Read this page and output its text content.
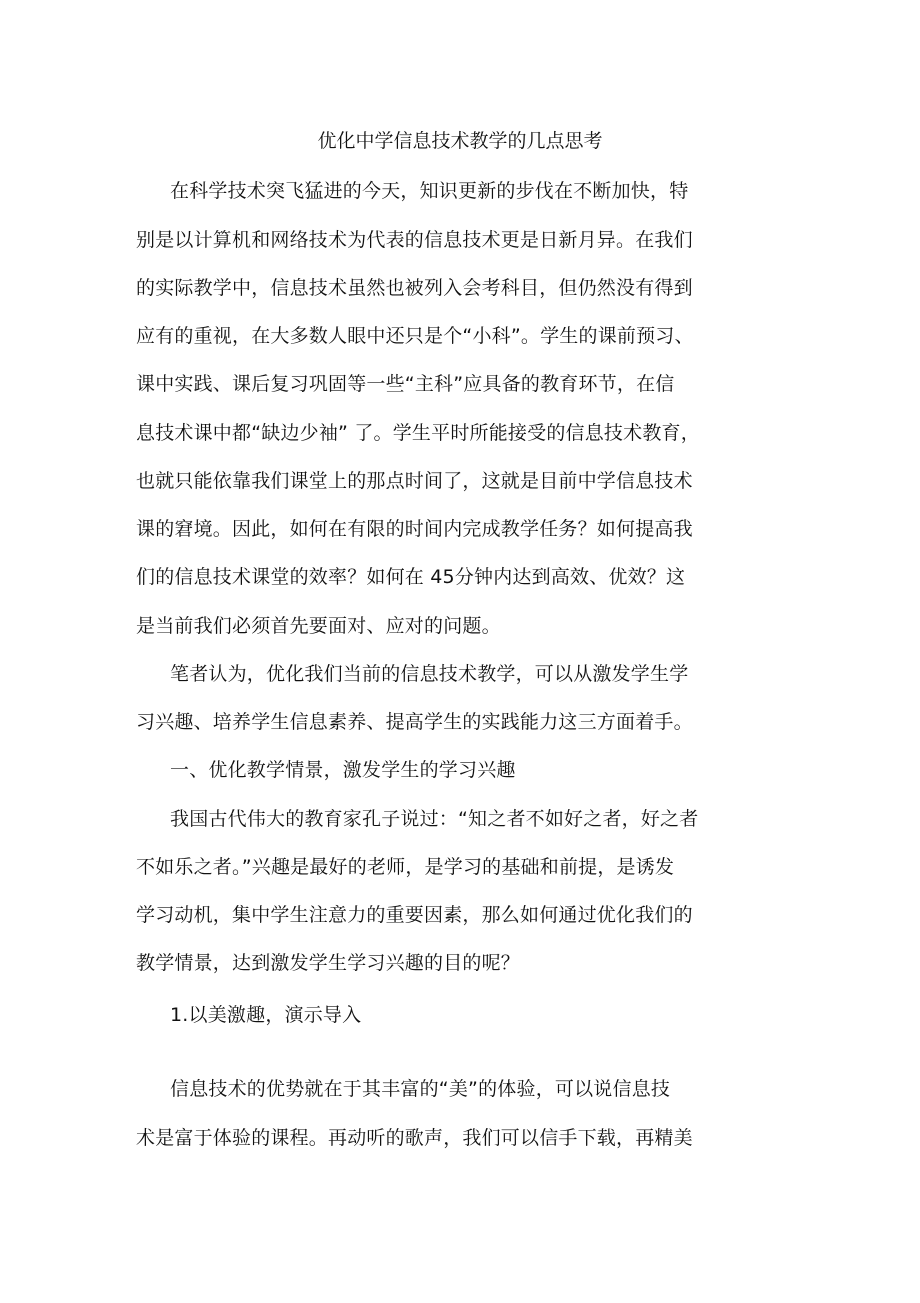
优化中学信息技术教学的几点思考
在科学技术突飞猛进的今天，知识更新的步伐在不断加快，特
别是以计算机和网络技术为代表的信息技术更是日新月异。在我们
的实际教学中，信息技术虽然也被列入会考科目，但仍然没有得到
应有的重视，在大多数人眼中还只是个“小科”。学生的课前预习、
课中实践、课后复习巩固等一些“主科”应具备的教育环节，在信
息技术课中都“缺边少袖” 了。学生平时所能接受的信息技术教育，
也就只能依靠我们课堂上的那点时间了，这就是目前中学信息技术
课的窘境。因此，如何在有限的时间内完成教学任务？如何提高我
们的信息技术课堂的效率？如何在 45分钟内达到高效、优效？这
是当前我们必须首先要面对、应对的问题。
笔者认为，优化我们当前的信息技术教学，可以从激发学生学
习兴趣、培养学生信息素养、提高学生的实践能力这三方面着手。
一、优化教学情景，激发学生的学习兴趣
我国古代伟大的教育家孔子说过：“知之者不如好之者，好之者
不如乐之者。”兴趣是最好的老师，是学习的基础和前提，是诱发
学习动机，集中学生注意力的重要因素，那么如何通过优化我们的
教学情景，达到激发学生学习兴趣的目的呢？
1.以美激趣，演示导入
信息技术的优势就在于其丰富的“美”的体验，可以说信息技
术是富于体验的课程。再动听的歌声，我们可以信手下载，再精美
